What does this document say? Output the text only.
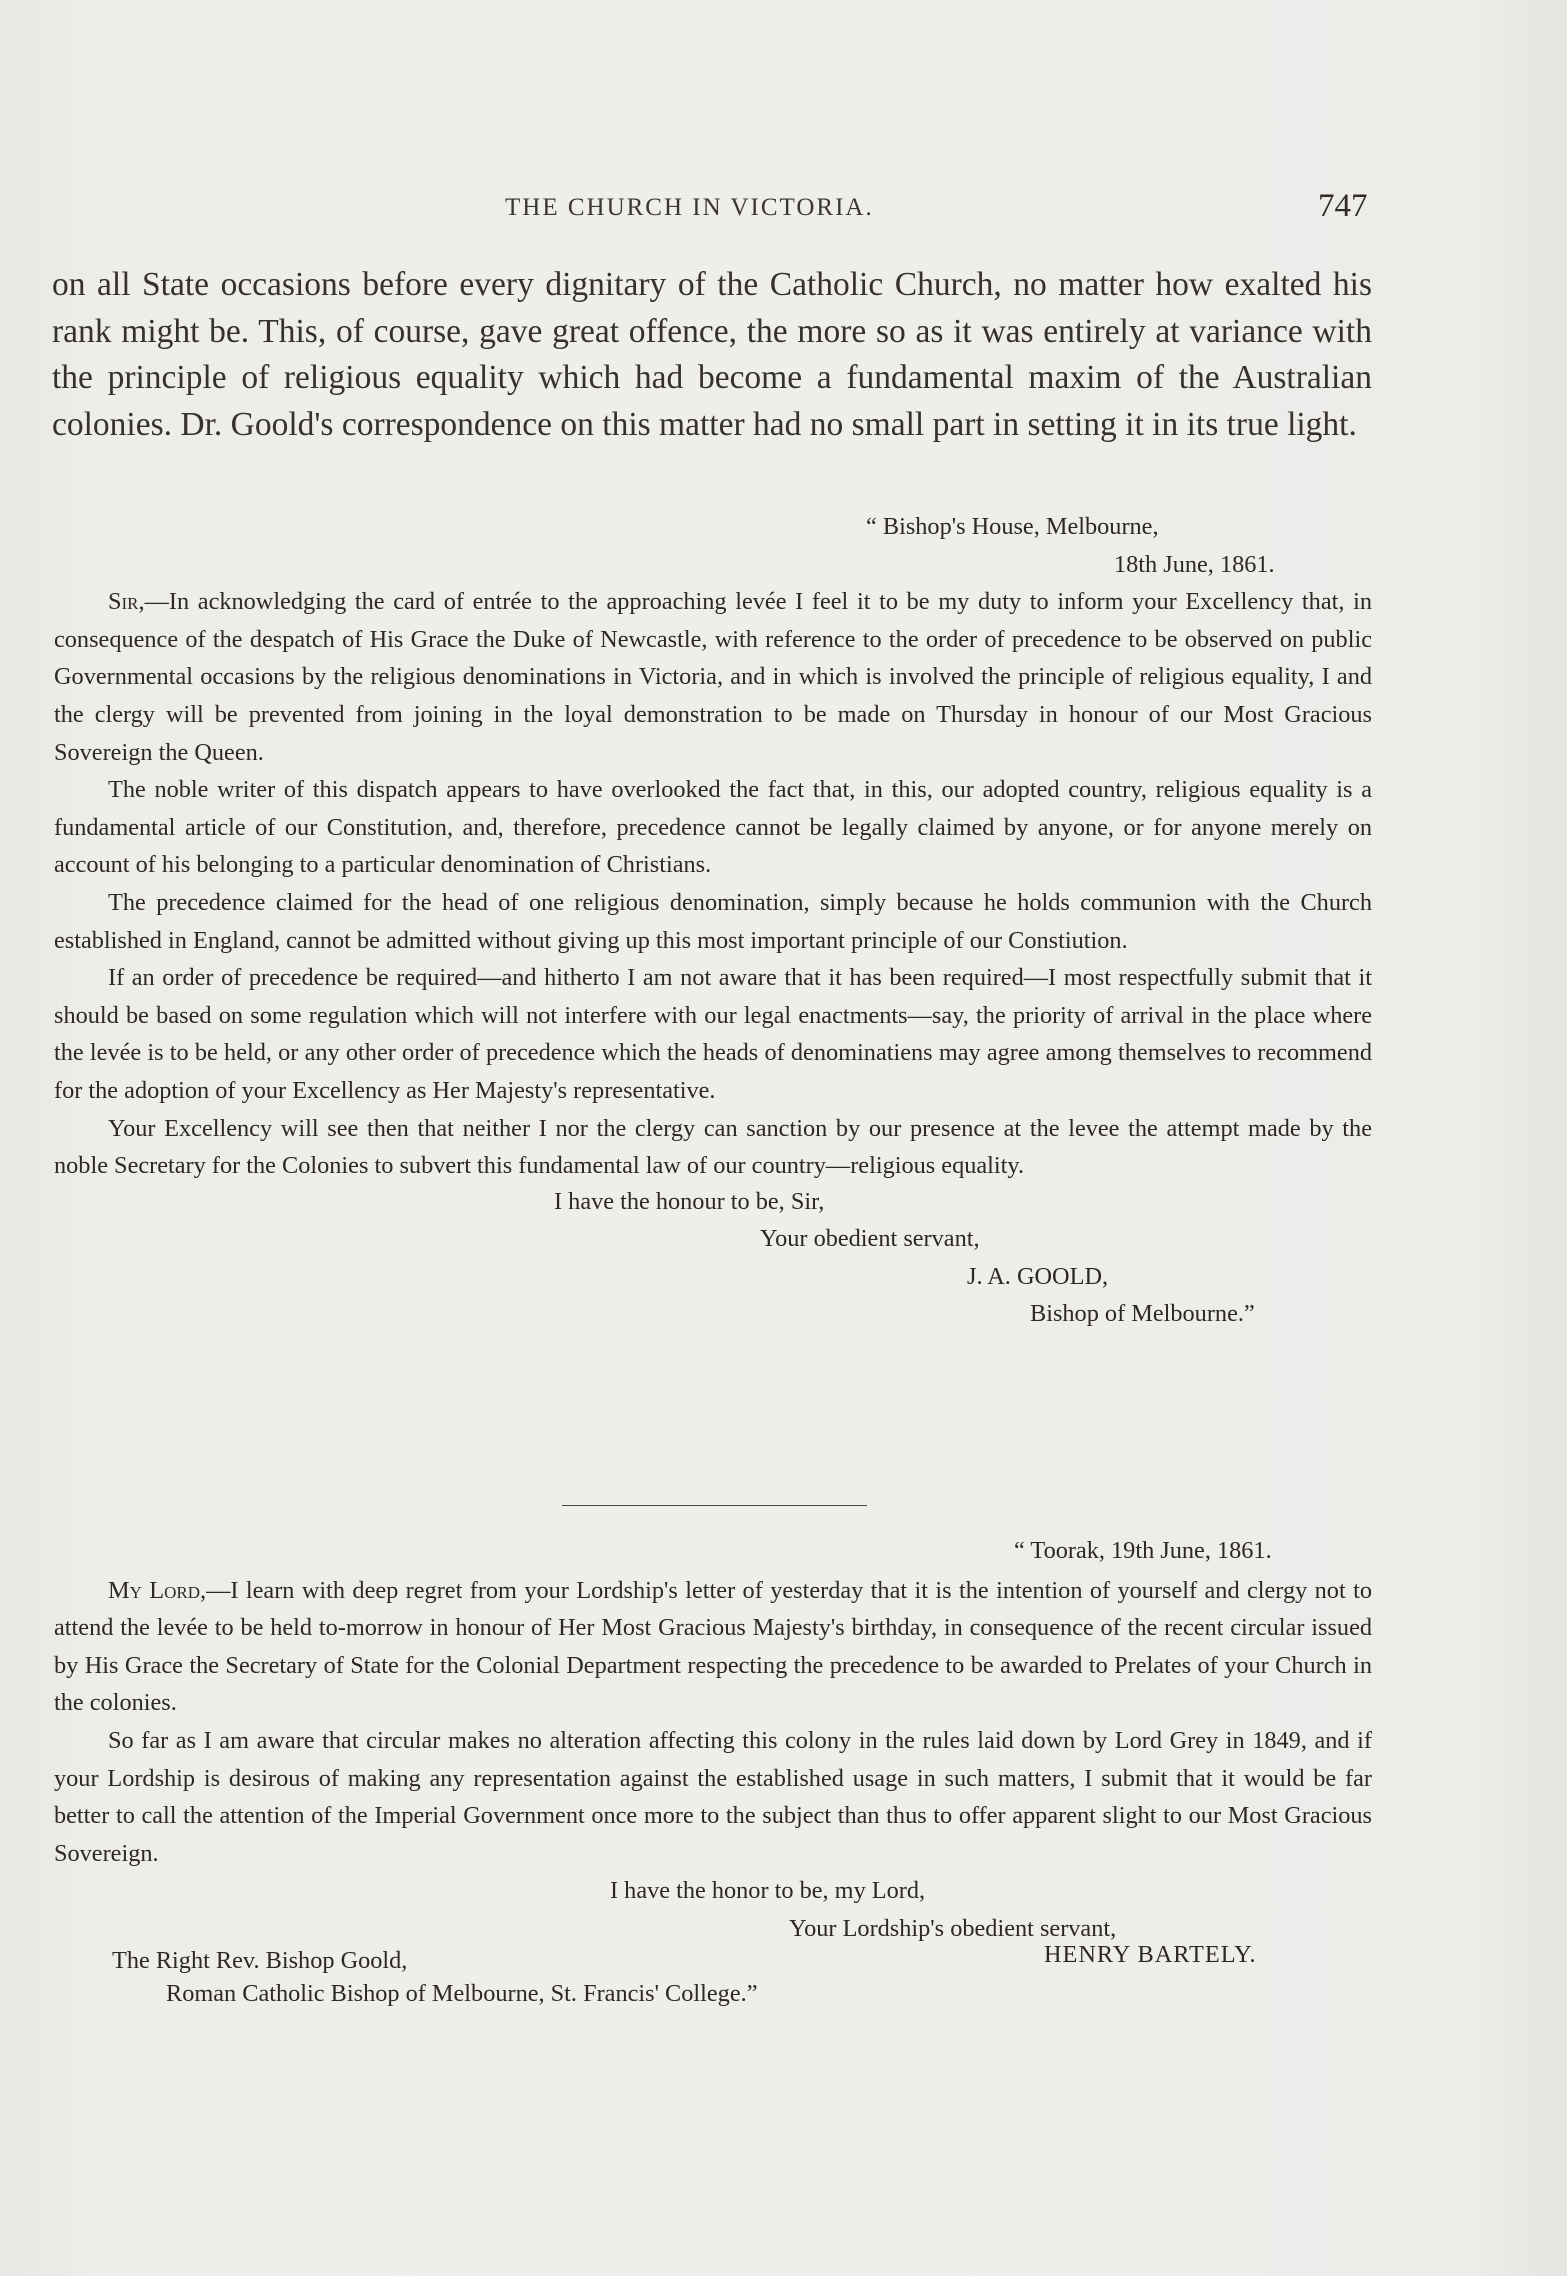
THE CHURCH IN VICTORIA.	747

on all State occasions before every dignitary of the Catholic Church, no matter how exalted his rank might be. This, of course, gave great offence, the more so as it was entirely at variance with the principle of religious equality which had become a fundamental maxim of the Australian colonies. Dr. Goold's correspondence on this matter had no small part in setting it in its true light.

“ Bishop's House, Melbourne,
18th June, 1861.

Sir,—In acknowledging the card of entrée to the approaching levée I feel it to be my duty to inform your Excellency that, in consequence of the despatch of His Grace the Duke of Newcastle, with reference to the order of precedence to be observed on public Governmental occasions by the religious denominations in Victoria, and in which is involved the principle of religious equality, I and the clergy will be prevented from joining in the loyal demonstration to be made on Thursday in honour of our Most Gracious Sovereign the Queen.

The noble writer of this dispatch appears to have overlooked the fact that, in this, our adopted country, religious equality is a fundamental article of our Constitution, and, therefore, precedence cannot be legally claimed by anyone, or for anyone merely on account of his belonging to a particular denomination of Christians.

The precedence claimed for the head of one religious denomination, simply because he holds communion with the Church established in England, cannot be admitted without giving up this most important principle of our Constiution.

If an order of precedence be required—and hitherto I am not aware that it has been required—I most respectfully submit that it should be based on some regulation which will not interfere with our legal enactments—say, the priority of arrival in the place where the levée is to be held, or any other order of precedence which the heads of denominatiens may agree among themselves to recommend for the adoption of your Excellency as Her Majesty's representative.

Your Excellency will see then that neither I nor the clergy can sanction by our presence at the levee the attempt made by the noble Secretary for the Colonies to subvert this fundamental law of our country—religious equality.

I have the honour to be, Sir,
Your obedient servant,
J. A. GOOLD,
Bishop of Melbourne.”
“ Toorak, 19th June, 1861.

My Lord,—I learn with deep regret from your Lordship's letter of yesterday that it is the intention of yourself and clergy not to attend the levée to be held to-morrow in honour of Her Most Gracious Majesty's birthday, in consequence of the recent circular issued by His Grace the Secretary of State for the Colonial Department respecting the precedence to be awarded to Prelates of your Church in the colonies.

So far as I am aware that circular makes no alteration affecting this colony in the rules laid down by Lord Grey in 1849, and if your Lordship is desirous of making any representation against the established usage in such matters, I submit that it would be far better to call the attention of the Imperial Government once more to the subject than thus to offer apparent slight to our Most Gracious Sovereign.

I have the honor to be, my Lord,
Your Lordship's obedient servant,
The Right Rev. Bishop Goold,	HENRY BARTELY.
Roman Catholic Bishop of Melbourne, St. Francis' College.”
